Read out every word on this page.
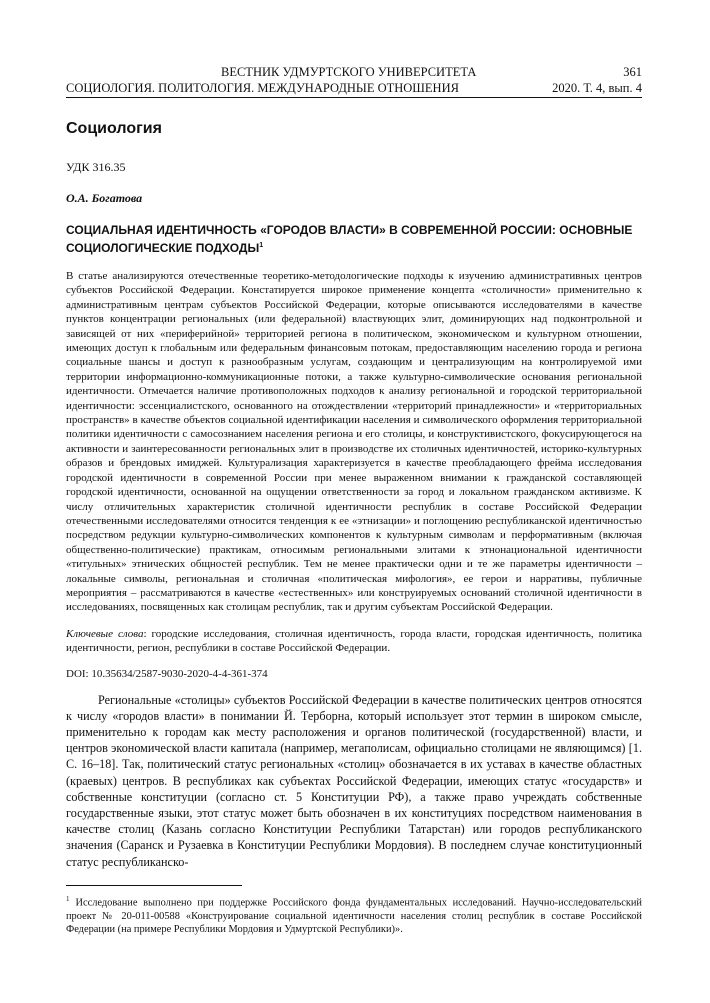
ВЕСТНИК УДМУРТСКОГО УНИВЕРСИТЕТА	361
СОЦИОЛОГИЯ. ПОЛИТОЛОГИЯ. МЕЖДУНАРОДНЫЕ ОТНОШЕНИЯ	2020. Т. 4, вып. 4
Социология
УДК 316.35
О.А. Богатова
СОЦИАЛЬНАЯ ИДЕНТИЧНОСТЬ «ГОРОДОВ ВЛАСТИ» В СОВРЕМЕННОЙ РОССИИ: ОСНОВНЫЕ СОЦИОЛОГИЧЕСКИЕ ПОДХОДЫ$^1$
В статье анализируются отечественные теоретико-методологические подходы к изучению административных центров субъектов Российской Федерации. Констатируется широкое применение концепта «столичности» применительно к административным центрам субъектов Российской Федерации, которые описываются исследователями в качестве пунктов концентрации региональных (или федеральной) властвующих элит, доминирующих над подконтрольной и зависящей от них «периферийной» территорией региона в политическом, экономическом и культурном отношении, имеющих доступ к глобальным или федеральным финансовым потокам, предоставляющим населению города и региона социальные шансы и доступ к разнообразным услугам, создающим и централизующим на контролируемой ими территории информационно-коммуникационные потоки, а также культурно-символические основания региональной идентичности. Отмечается наличие противоположных подходов к анализу региональной и городской территориальной идентичности: эссенциалистского, основанного на отождествлении «территорий принадлежности» и «территориальных пространств» в качестве объектов социальной идентификации населения и символического оформления территориальной политики идентичности с самосознанием населения региона и его столицы, и конструктивистского, фокусирующегося на активности и заинтересованности региональных элит в производстве их столичных идентичностей, историко-культурных образов и брендовых имиджей. Культурализация характеризуется в качестве преобладающего фрейма исследования городской идентичности в современной России при менее выраженном внимании к гражданской составляющей городской идентичности, основанной на ощущении ответственности за город и локальном гражданском активизме. К числу отличительных характеристик столичной идентичности республик в составе Российской Федерации отечественными исследователями относится тенденция к ее «этнизации» и поглощению республиканской идентичностью посредством редукции культурно-символических компонентов к культурным символам и перформативным (включая общественно-политические) практикам, относимым региональными элитами к этнонациональной идентичности «титульных» этнических общностей республик. Тем не менее практически одни и те же параметры идентичности – локальные символы, региональная и столичная «политическая мифология», ее герои и нарративы, публичные мероприятия – рассматриваются в качестве «естественных» или конструируемых оснований столичной идентичности в исследованиях, посвященных как столицам республик, так и другим субъектам Российской Федерации.
Ключевые слова: городские исследования, столичная идентичность, города власти, городская идентичность, политика идентичности, регион, республики в составе Российской Федерации.
DOI: 10.35634/2587-9030-2020-4-4-361-374
Региональные «столицы» субъектов Российской Федерации в качестве политических центров относятся к числу «городов власти» в понимании Й. Терборна, который использует этот термин в широком смысле, применительно к городам как месту расположения и органов политической (государственной) власти, и центров экономической власти капитала (например, мегаполисам, официально столицами не являющимся) [1. С. 16–18]. Так, политический статус региональных «столиц» обозначается в их уставах в качестве областных (краевых) центров. В республиках как субъектах Российской Федерации, имеющих статус «государств» и собственные конституции (согласно ст. 5 Конституции РФ), а также право учреждать собственные государственные языки, этот статус может быть обозначен в их конституциях посредством наименования в качестве столиц (Казань согласно Конституции Республики Татарстан) или городов республиканского значения (Саранск и Рузаевка в Конституции Республики Мордовия). В последнем случае конституционный статус республиканско-
$^1$ Исследование выполнено при поддержке Российского фонда фундаментальных исследований. Научно-исследовательский проект № 20-011-00588 «Конструирование социальной идентичности населения столиц республик в составе Российской Федерации (на примере Республики Мордовия и Удмуртской Республики)».
